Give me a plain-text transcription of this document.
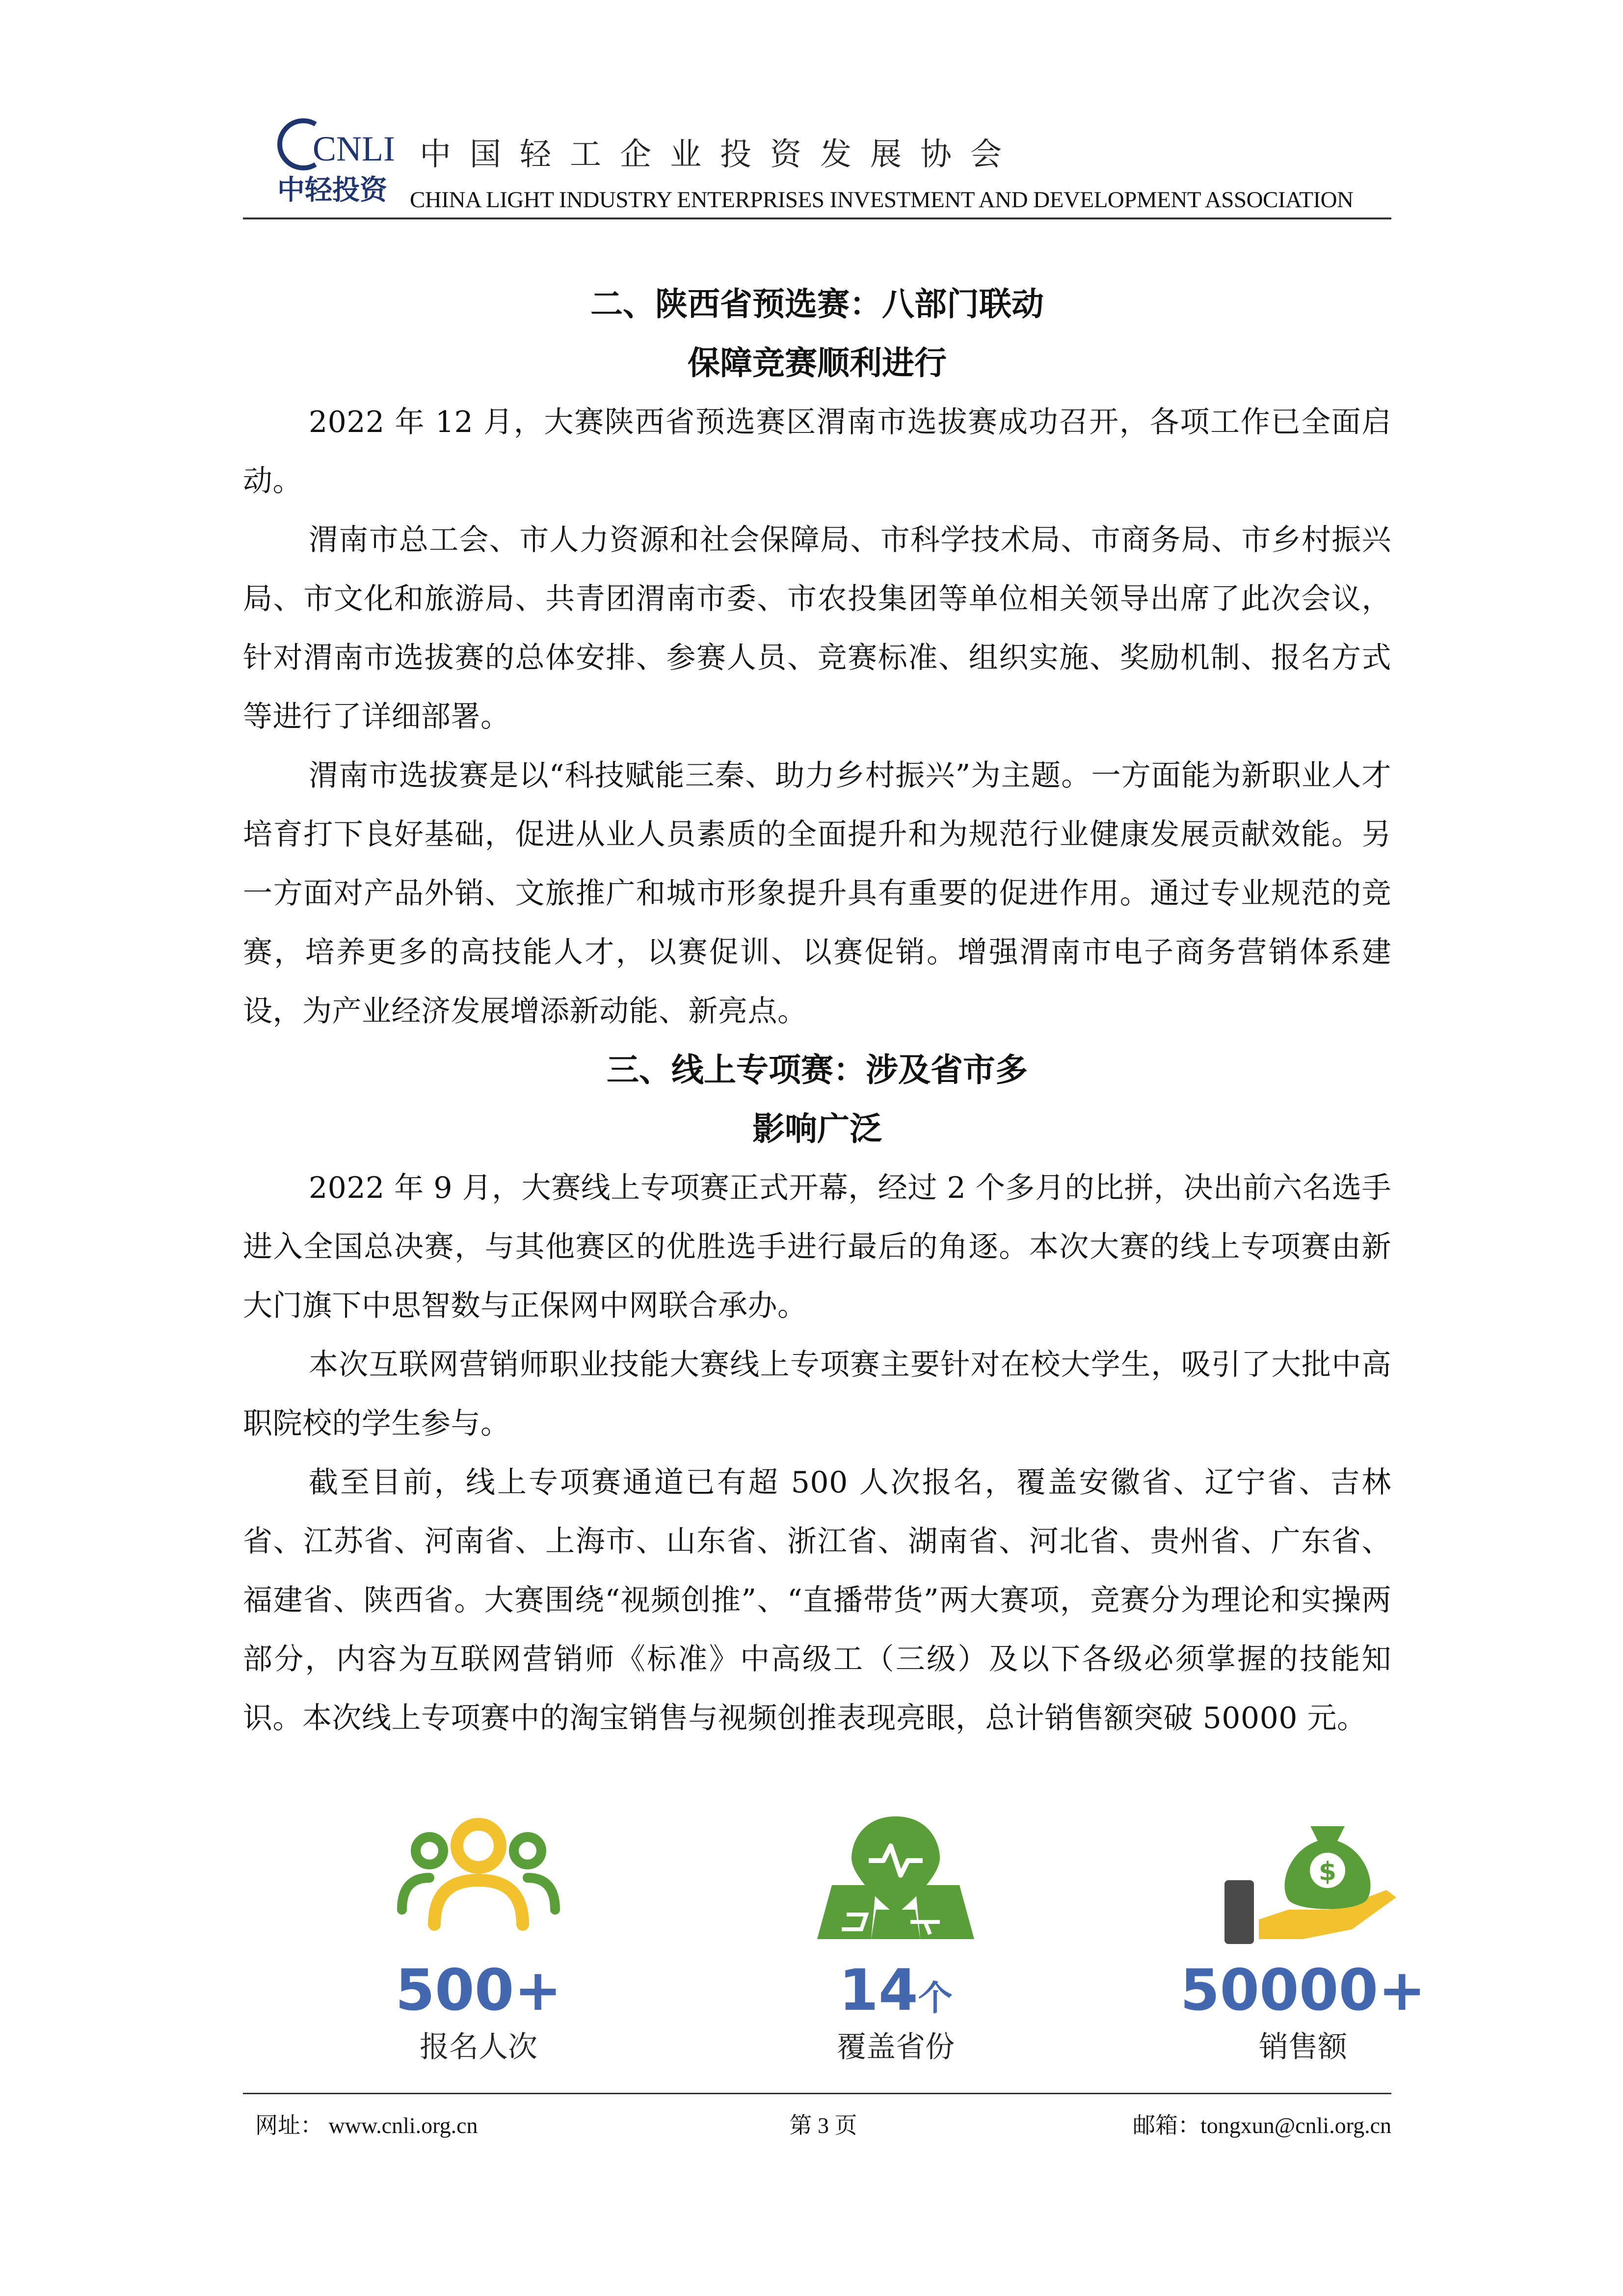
CNLI
中轻投资
中国轻工企业投资发展协会
CHINA LIGHT INDUSTRY ENTERPRISES INVESTMENT AND DEVELOPMENT ASSOCIATION
二、陕西省预选赛：八部门联动
保障竞赛顺利进行

2022 年 12 月，大赛陕西省预选赛区渭南市选拔赛成功召开，各项工作已全面启动。

渭南市总工会、市人力资源和社会保障局、市科学技术局、市商务局、市乡村振兴局、市文化和旅游局、共青团渭南市委、市农投集团等单位相关领导出席了此次会议，针对渭南市选拔赛的总体安排、参赛人员、竞赛标准、组织实施、奖励机制、报名方式等进行了详细部署。

渭南市选拔赛是以“科技赋能三秦、助力乡村振兴”为主题。一方面能为新职业人才培育打下良好基础，促进从业人员素质的全面提升和为规范行业健康发展贡献效能。另一方面对产品外销、文旅推广和城市形象提升具有重要的促进作用。通过专业规范的竞赛，培养更多的高技能人才，以赛促训、以赛促销。增强渭南市电子商务营销体系建设，为产业经济发展增添新动能、新亮点。

三、线上专项赛：涉及省市多
影响广泛

2022 年 9 月，大赛线上专项赛正式开幕，经过 2 个多月的比拼，决出前六名选手进入全国总决赛，与其他赛区的优胜选手进行最后的角逐。本次大赛的线上专项赛由新大门旗下中思智数与正保网中网联合承办。

本次互联网营销师职业技能大赛线上专项赛主要针对在校大学生，吸引了大批中高职院校的学生参与。

截至目前，线上专项赛通道已有超 500 人次报名，覆盖安徽省、辽宁省、吉林省、江苏省、河南省、上海市、山东省、浙江省、湖南省、河北省、贵州省、广东省、福建省、陕西省。大赛围绕“视频创推”、“直播带货”两大赛项，竞赛分为理论和实操两部分，内容为互联网营销师《标准》中高级工（三级）及以下各级必须掌握的技能知识。本次线上专项赛中的淘宝销售与视频创推表现亮眼，总计销售额突破 50000 元。

500+
报名人次
14个
覆盖省份
$
50000+
销售额
网址： www.cnli.org.cn	第 3 页	邮箱：tongxun@cnli.org.cn
